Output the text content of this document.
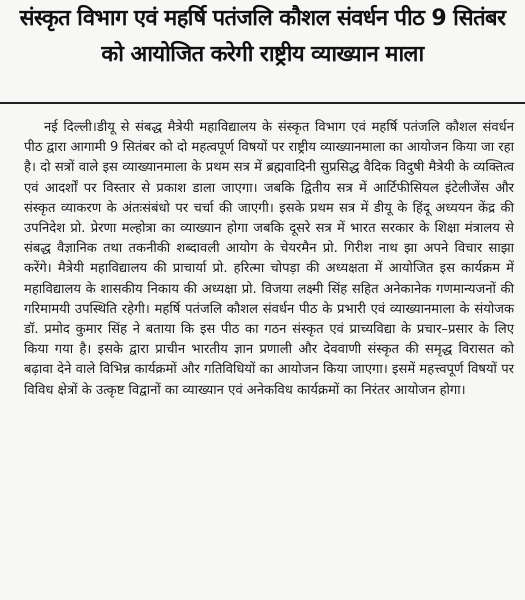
संस्कृत विभाग एवं महर्षि पतंजलि कौशल संवर्धन पीठ 9 सितंबर
को आयोजित करेगी राष्ट्रीय व्याख्यान माला

नई दिल्ली।डीयू से संबद्ध मैत्रेयी महाविद्यालय के संस्कृत विभाग एवं महर्षि पतंजलि कौशल संवर्धन पीठ द्वारा आगामी 9 सितंबर को दो महत्वपूर्ण विषयों पर राष्ट्रीय व्याख्यानमाला का आयोजन किया जा रहा है। दो सत्रों वाले इस व्याख्यानमाला के प्रथम सत्र में ब्रह्मवादिनी सुप्रसिद्ध वैदिक विदुषी मैत्रेयी के व्यक्तित्व एवं आदर्शों पर विस्तार से प्रकाश डाला जाएगा। जबकि द्वितीय सत्र में आर्टिफीसियल इंटेलीजेंस और संस्कृत व्याकरण के अंतःसंबंधो पर चर्चा की जाएगी। इसके प्रथम सत्र में डीयू के हिंदू अध्ययन केंद्र की उपनिदेश प्रो. प्रेरणा मल्होत्रा का व्याख्यान होगा जबकि दूसरे सत्र में भारत सरकार के शिक्षा मंत्रालय से संबद्ध वैज्ञानिक तथा तकनीकी शब्दावली आयोग के चेयरमैन प्रो. गिरीश नाथ झा अपने विचार साझा करेंगे। मैत्रेयी महाविद्यालय की प्राचार्या प्रो. हरित्मा चोपड़ा की अध्यक्षता में आयोजित इस कार्यक्रम में महाविद्यालय के शासकीय निकाय की अध्यक्षा प्रो. विजया लक्ष्मी सिंह सहित अनेकानेक गणमान्यजनों की गरिमामयी उपस्थिति रहेगी। महर्षि पतंजलि कौशल संवर्धन पीठ के प्रभारी एवं व्याख्यानमाला के संयोजक डॉ. प्रमोद कुमार सिंह ने बताया कि इस पीठ का गठन संस्कृत एवं प्राच्यविद्या के प्रचार–प्रसार के लिए किया गया है। इसके द्वारा प्राचीन भारतीय ज्ञान प्रणाली और देववाणी संस्कृत की समृद्ध विरासत को बढ़ावा देने वाले विभिन्न कार्यक्रमों और गतिविधियों का आयोजन किया जाएगा। इसमें महत्त्वपूर्ण विषयों पर विविध क्षेत्रों के उत्कृष्ट विद्वानों का व्याख्यान एवं अनेकविध कार्यक्रमों का निरंतर आयोजन होगा।
